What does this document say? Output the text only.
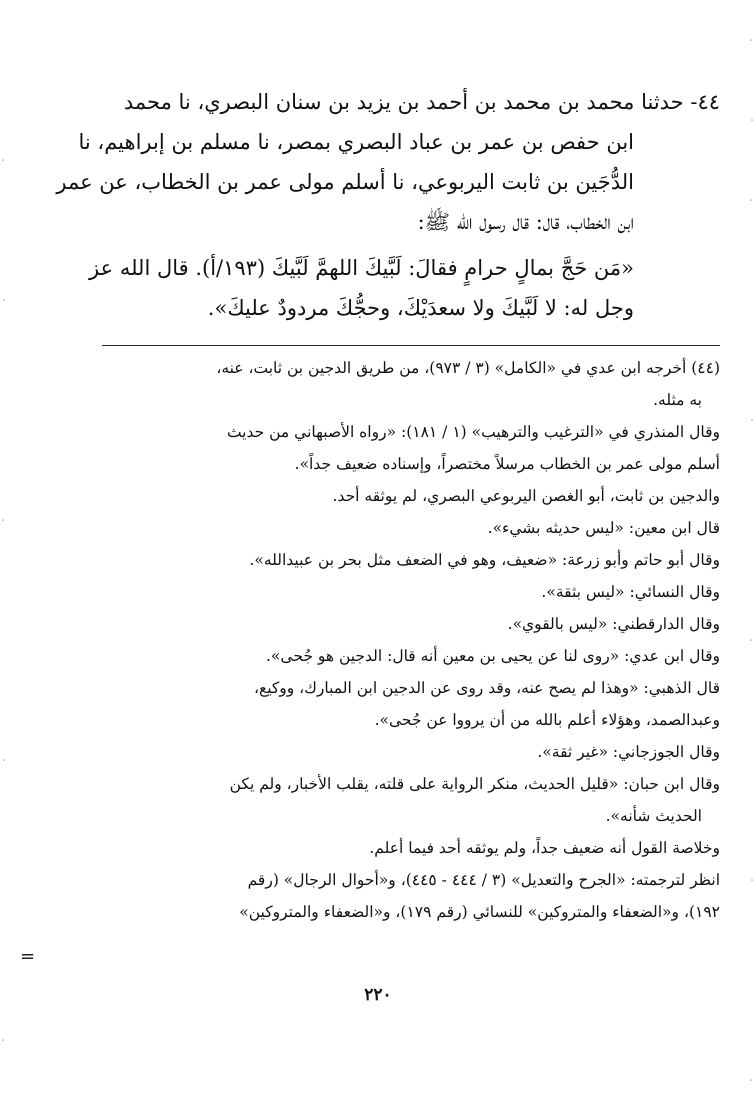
٤٤- حدثنا محمد بن محمد بن أحمد بن يزيد بن سنان البصري، نا محمد

ابن حفص بن عمر بن عباد البصري بمصر، نا مسلم بن إبراهيم، نا

الدُّجَين بن ثابت اليربوعي، نا أسلم مولى عمر بن الخطاب، عن عمر

ابن الخطاب، قال: قال رسول الله ﷺ:

«مَن حَجَّ بمالٍ حرامٍ فقالَ: لَبَّيكَ اللهمَّ لَبَّيكَ (١٩٣/أ). قال الله عز

وجل له: لا لَبَّيكَ ولا سعدَيْكَ، وحجُّكَ مردودٌ عليكَ».

(٤٤) أخرجه ابن عدي في «الكامل» (٣ / ٩٧٣)، من طريق الدجين بن ثابت، عنه،

به مثله.

وقال المنذري في «الترغيب والترهيب» (١ / ١٨١): «رواه الأصبهاني من حديث

أسلم مولى عمر بن الخطاب مرسلاً مختصراً، وإسناده ضعيف جداً».

والدجين بن ثابت، أبو الغصن اليربوعي البصري، لم يوثقه أحد.

قال ابن معين: «ليس حديثه بشيء».

وقال أبو حاتم وأبو زرعة: «ضعيف، وهو في الضعف مثل بحر بن عبيدالله».

وقال النسائي: «ليس بثقة».

وقال الدارقطني: «ليس بالقوي».

وقال ابن عدي: «روى لنا عن يحيى بن معين أنه قال: الدجين هو جُحى».

قال الذهبي: «وهذا لم يصح عنه، وقد روى عن الدجين ابن المبارك، ووكيع،

وعبدالصمد، وهؤلاء أعلم بالله من أن يرووا عن جُحى».

وقال الجوزجاني: «غير ثقة».

وقال ابن حبان: «قليل الحديث، منكر الرواية على قلته، يقلب الأخبار، ولم يكن

الحديث شأنه».

وخلاصة القول أنه ضعيف جداً، ولم يوثقه أحد فيما أعلم.

انظر لترجمته: «الجرح والتعديل» (٣ / ٤٤٤ - ٤٤٥)، و«أحوال الرجال» (رقم

١٩٢)، و«الضعفاء والمتروكين» للنسائي (رقم ١٧٩)، و«الضعفاء والمتروكين»

=
٢٢٠
